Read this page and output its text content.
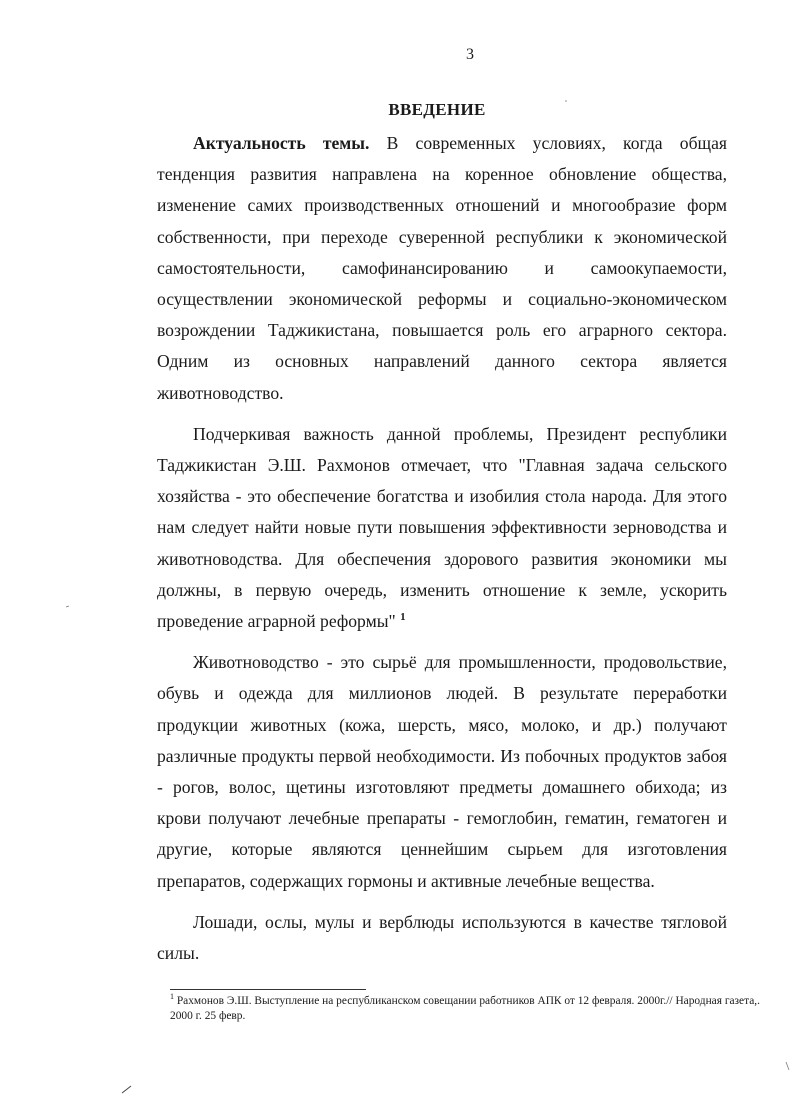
3
ВВЕДЕНИЕ

Актуальность темы. В современных условиях, когда общая тенденция развития направлена на коренное обновление общества, изменение самих производственных отношений и многообразие форм собственности, при переходе суверенной республики к экономической самостоятельности, самофинансированию и самоокупаемости, осуществлении экономической реформы и социально-экономическом возрождении Таджикистана, повышается роль его аграрного сектора. Одним из основных направлений данного сектора является животноводство.

Подчеркивая важность данной проблемы, Президент республики Таджикистан Э.Ш. Рахмонов отмечает, что "Главная задача сельского хозяйства - это обеспечение богатства и изобилия стола народа. Для этого нам следует найти новые пути повышения эффективности зерноводства и животноводства. Для обеспечения здорового развития экономики мы должны, в первую очередь, изменить отношение к земле, ускорить проведение аграрной реформы" $^1$

Животноводство - это сырьё для промышленности, продовольствие, обувь и одежда для миллионов людей. В результате переработки продукции животных (кожа, шерсть, мясо, молоко, и др.) получают различные продукты первой необходимости. Из побочных продуктов забоя - рогов, волос, щетины изготовляют предметы домашнего обихода; из крови получают лечебные препараты - гемоглобин, гематин, гематоген и другие, которые являются ценнейшим сырьем для изготовления препаратов, содержащих гормоны и активные лечебные вещества.

Лошади, ослы, мулы и верблюды используются в качестве тягловой силы.

$^1$ Рахмонов Э.Ш. Выступление на республиканском совещании работников АПК от 12 февраля. 2000г.// Народная газета,. 2000 г. 25 февр.
